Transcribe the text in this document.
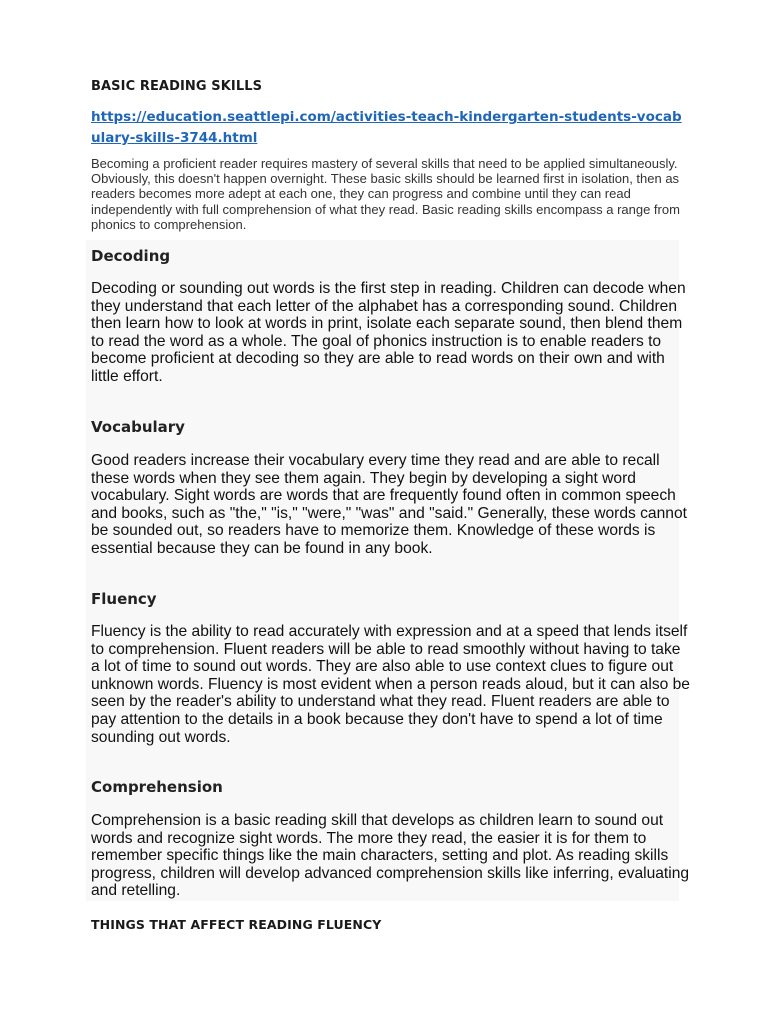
BASIC READING SKILLS
https://education.seattlepi.com/activities-teach-kindergarten-students-vocabulary-skills-3744.html
Becoming a proficient reader requires mastery of several skills that need to be applied simultaneously. Obviously, this doesn't happen overnight. These basic skills should be learned first in isolation, then as readers becomes more adept at each one, they can progress and combine until they can read independently with full comprehension of what they read. Basic reading skills encompass a range from phonics to comprehension.
Decoding
Decoding or sounding out words is the first step in reading. Children can decode when they understand that each letter of the alphabet has a corresponding sound. Children then learn how to look at words in print, isolate each separate sound, then blend them to read the word as a whole. The goal of phonics instruction is to enable readers to become proficient at decoding so they are able to read words on their own and with little effort.
Vocabulary
Good readers increase their vocabulary every time they read and are able to recall these words when they see them again. They begin by developing a sight word vocabulary. Sight words are words that are frequently found often in common speech and books, such as "the," "is," "were," "was" and "said." Generally, these words cannot be sounded out, so readers have to memorize them. Knowledge of these words is essential because they can be found in any book.
Fluency
Fluency is the ability to read accurately with expression and at a speed that lends itself to comprehension. Fluent readers will be able to read smoothly without having to take a lot of time to sound out words. They are also able to use context clues to figure out unknown words. Fluency is most evident when a person reads aloud, but it can also be seen by the reader's ability to understand what they read. Fluent readers are able to pay attention to the details in a book because they don't have to spend a lot of time sounding out words.
Comprehension
Comprehension is a basic reading skill that develops as children learn to sound out words and recognize sight words. The more they read, the easier it is for them to remember specific things like the main characters, setting and plot. As reading skills progress, children will develop advanced comprehension skills like inferring, evaluating and retelling.
THINGS THAT AFFECT READING FLUENCY
